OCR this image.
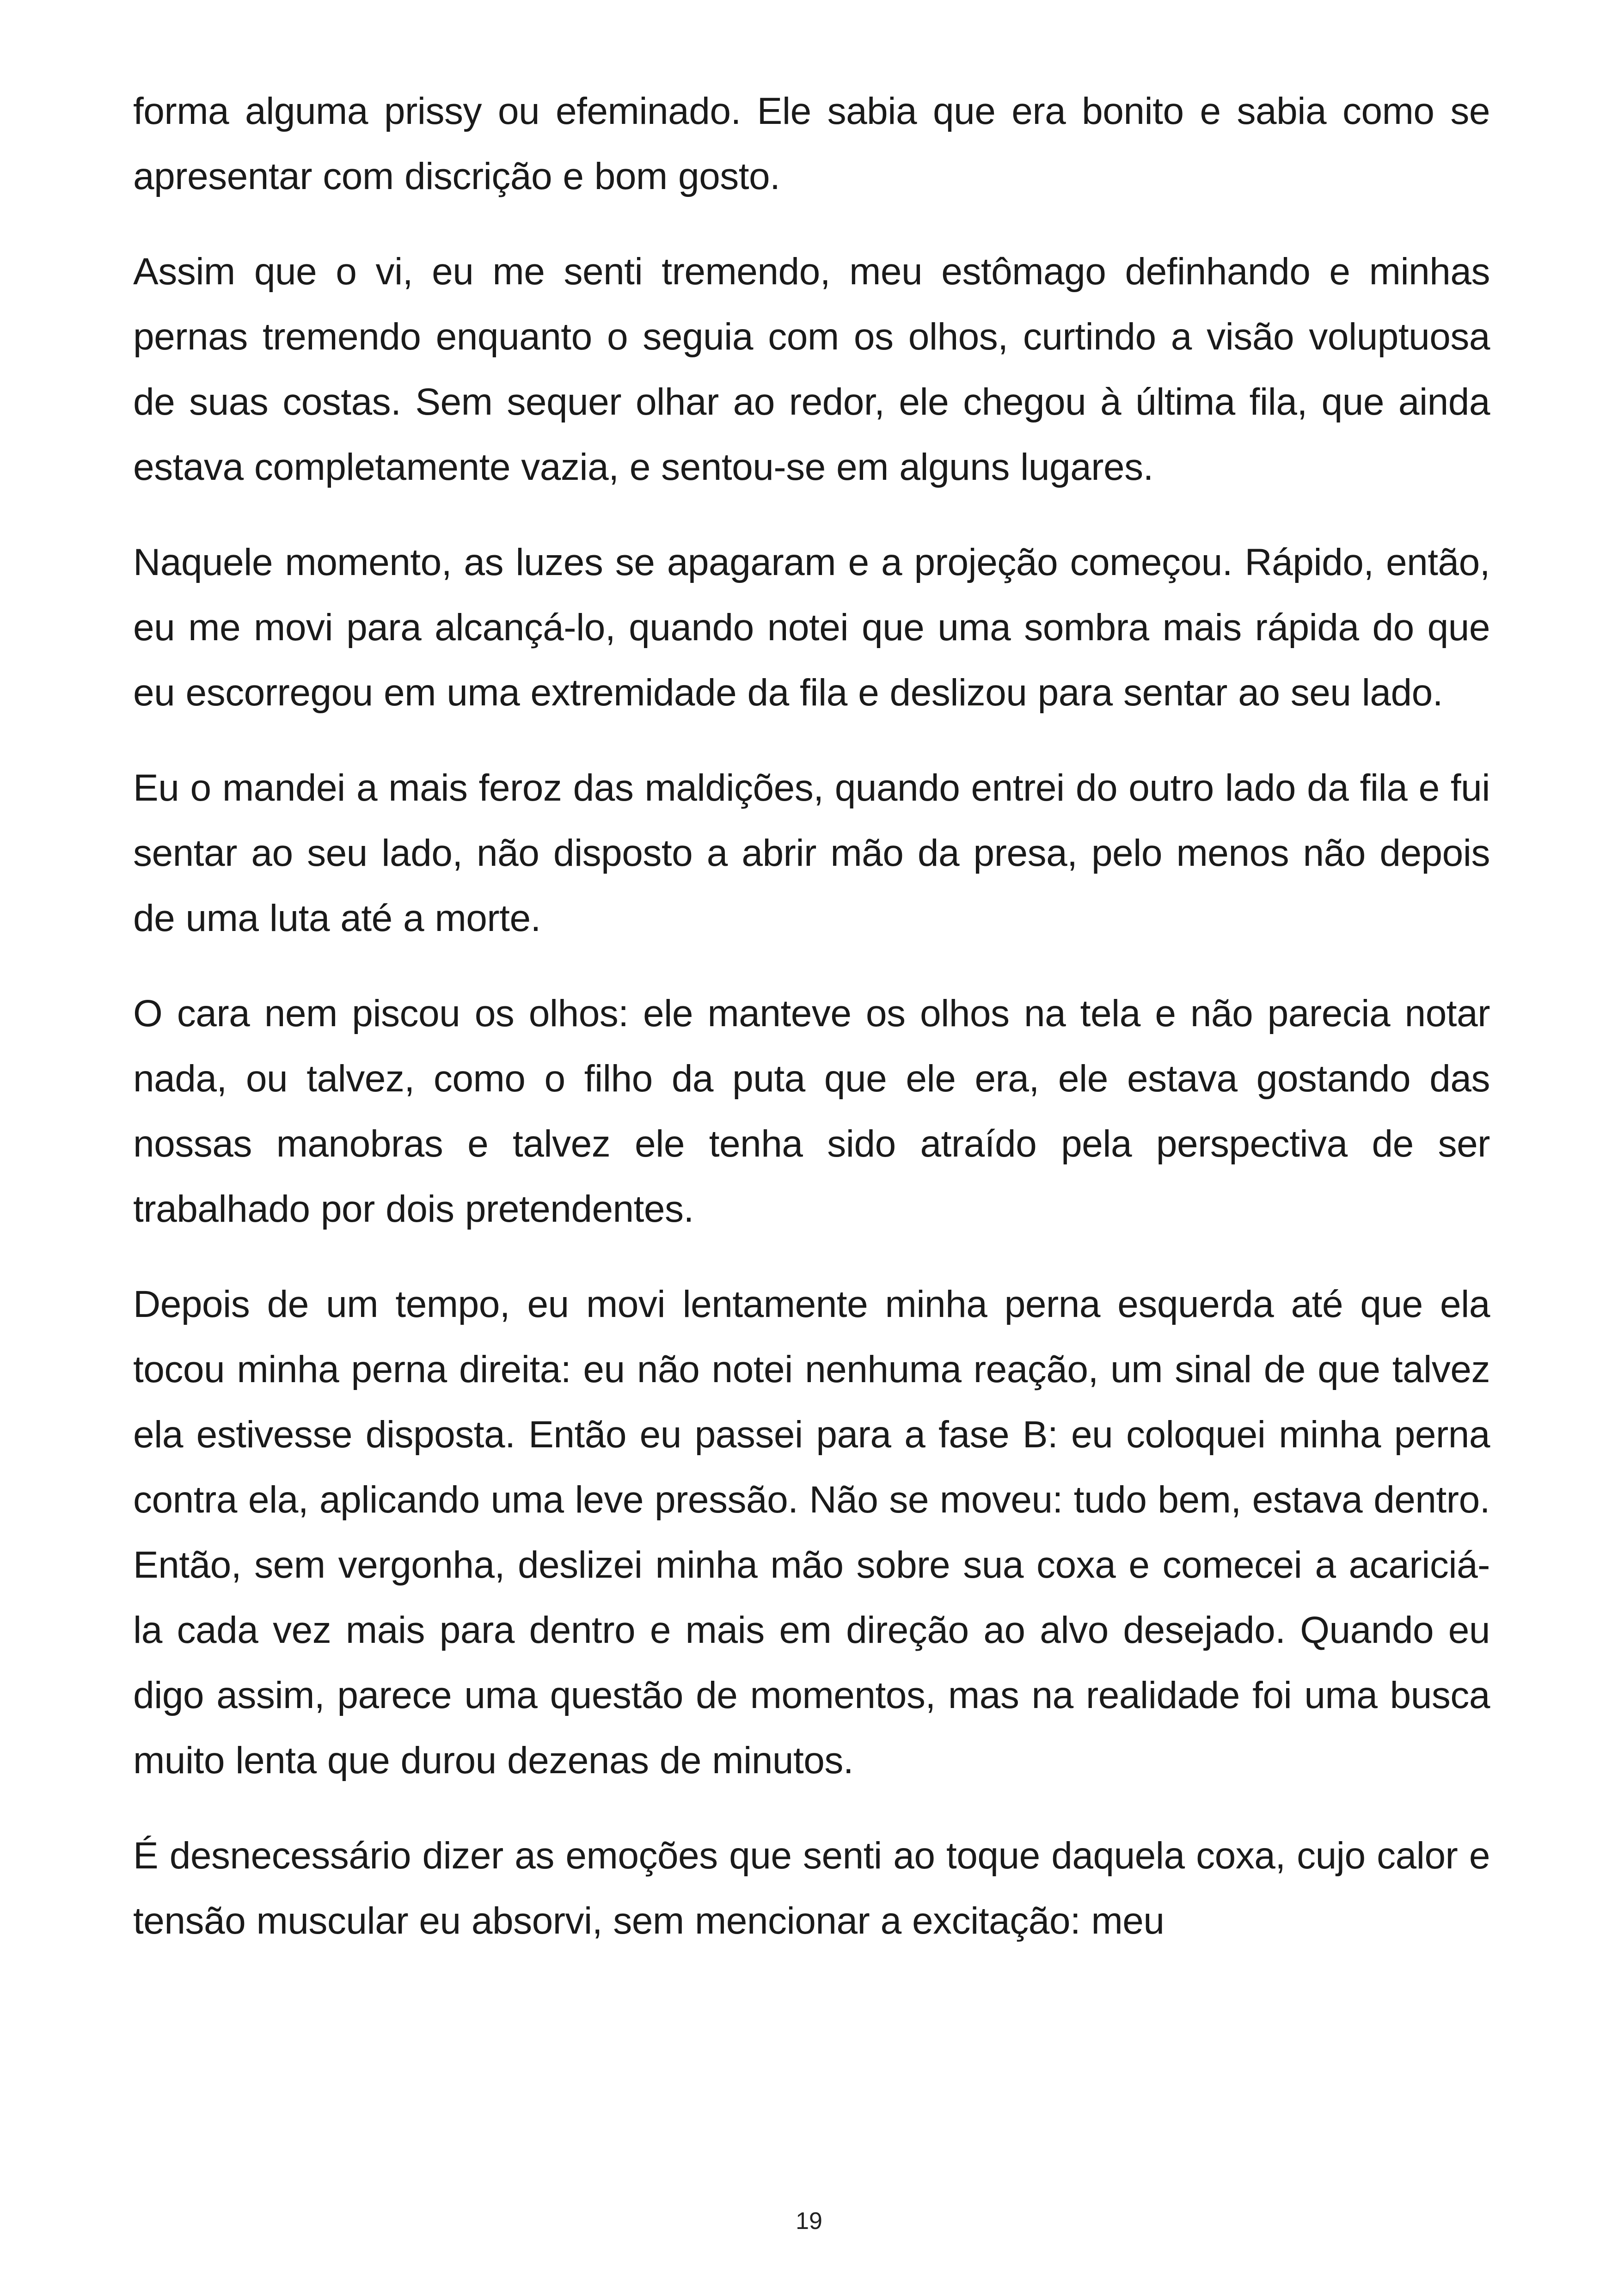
forma alguma prissy ou efeminado. Ele sabia que era bonito e sabia como se apresentar com discrição e bom gosto.

Assim que o vi, eu me senti tremendo, meu estômago definhando e minhas pernas tremendo enquanto o seguia com os olhos, curtindo a visão voluptuosa de suas costas. Sem sequer olhar ao redor, ele chegou à última fila, que ainda estava completamente vazia, e sentou-se em alguns lugares.

Naquele momento, as luzes se apagaram e a projeção começou. Rápido, então, eu me movi para alcançá-lo, quando notei que uma sombra mais rápida do que eu escorregou em uma extremidade da fila e deslizou para sentar ao seu lado.

Eu o mandei a mais feroz das maldições, quando entrei do outro lado da fila e fui sentar ao seu lado, não disposto a abrir mão da presa, pelo menos não depois de uma luta até a morte.

O cara nem piscou os olhos: ele manteve os olhos na tela e não parecia notar nada, ou talvez, como o filho da puta que ele era, ele estava gostando das nossas manobras e talvez ele tenha sido atraído pela perspectiva de ser trabalhado por dois pretendentes.

Depois de um tempo, eu movi lentamente minha perna esquerda até que ela tocou minha perna direita: eu não notei nenhuma reação, um sinal de que talvez ela estivesse disposta. Então eu passei para a fase B: eu coloquei minha perna contra ela, aplicando uma leve pressão. Não se moveu: tudo bem, estava dentro. Então, sem vergonha, deslizei minha mão sobre sua coxa e comecei a acariciá-la cada vez mais para dentro e mais em direção ao alvo desejado. Quando eu digo assim, parece uma questão de momentos, mas na realidade foi uma busca muito lenta que durou dezenas de minutos.

É desnecessário dizer as emoções que senti ao toque daquela coxa, cujo calor e tensão muscular eu absorvi, sem mencionar a excitação: meu

19
